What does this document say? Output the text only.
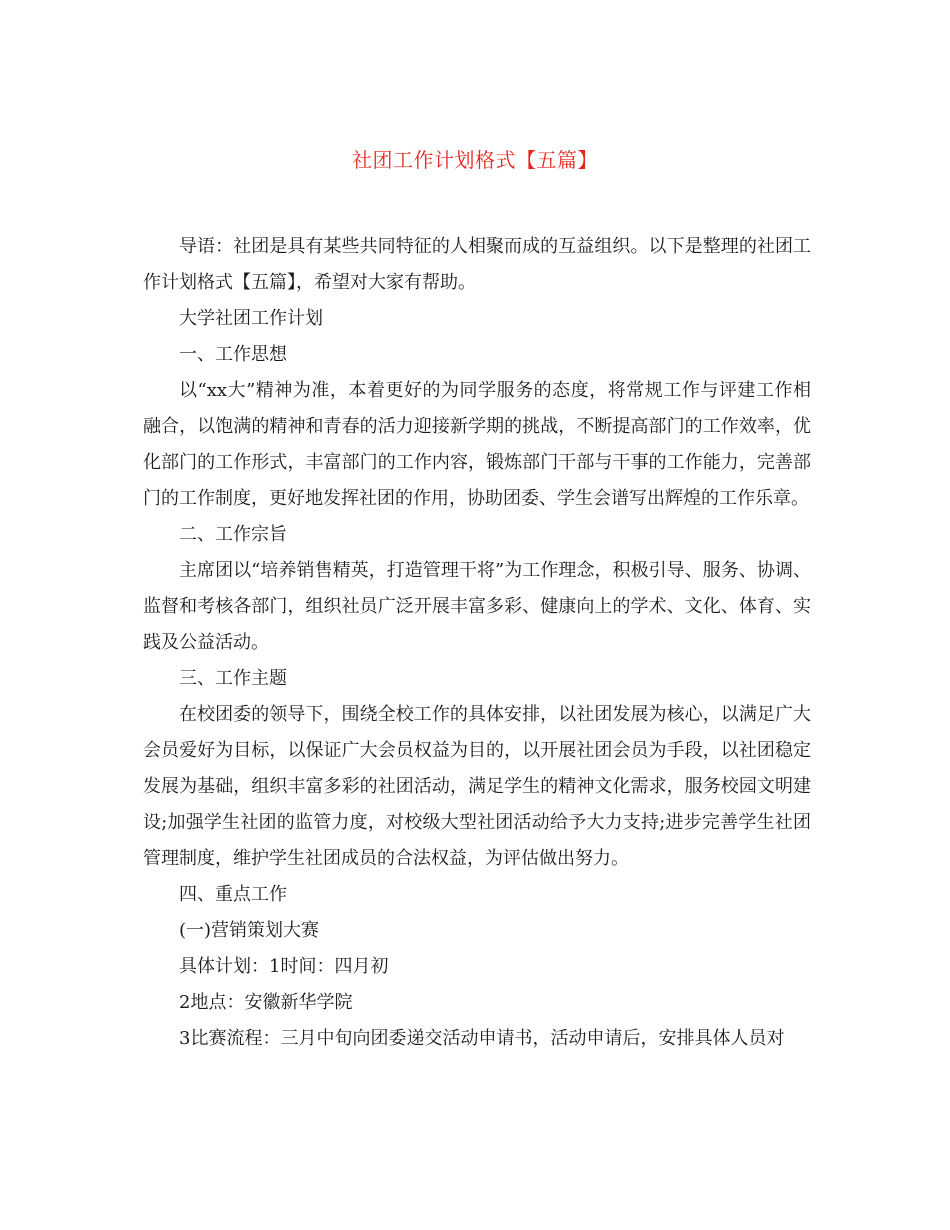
社团工作计划格式【五篇】

导语：社团是具有某些共同特征的人相聚而成的互益组织。以下是整理的社团工作计划格式【五篇】，希望对大家有帮助。

大学社团工作计划

一、工作思想

以“xx大”精神为准，本着更好的为同学服务的态度，将常规工作与评建工作相融合，以饱满的精神和青春的活力迎接新学期的挑战，不断提高部门的工作效率，优化部门的工作形式，丰富部门的工作内容，锻炼部门干部与干事的工作能力，完善部门的工作制度，更好地发挥社团的作用，协助团委、学生会谱写出辉煌的工作乐章。

二、工作宗旨

主席团以“培养销售精英，打造管理干将”为工作理念，积极引导、服务、协调、监督和考核各部门，组织社员广泛开展丰富多彩、健康向上的学术、文化、体育、实践及公益活动。

三、工作主题

在校团委的领导下，围绕全校工作的具体安排，以社团发展为核心，以满足广大会员爱好为目标，以保证广大会员权益为目的，以开展社团会员为手段，以社团稳定发展为基础，组织丰富多彩的社团活动，满足学生的精神文化需求，服务校园文明建设;加强学生社团的监管力度，对校级大型社团活动给予大力支持;进步完善学生社团管理制度，维护学生社团成员的合法权益，为评估做出努力。

四、重点工作

(一)营销策划大赛

具体计划：1时间：四月初

2地点：安徽新华学院

3比赛流程：三月中旬向团委递交活动申请书，活动申请后，安排具体人员对
